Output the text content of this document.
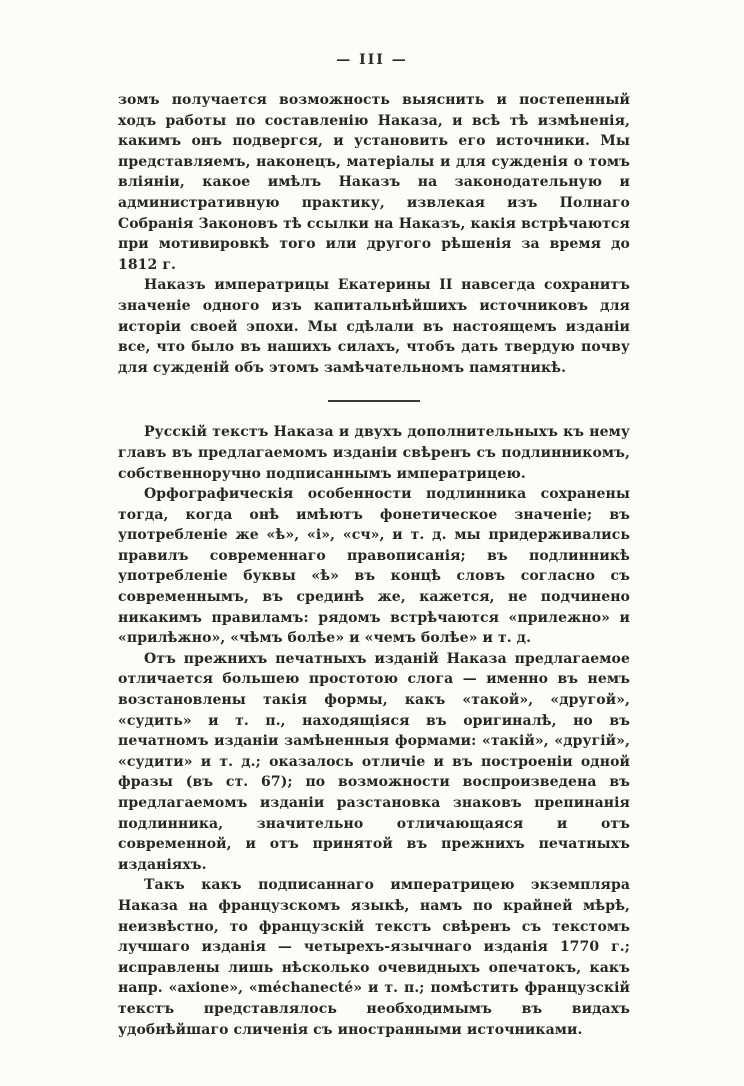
— III —

зомъ получается возможность выяснить и постепенный ходъ работы по составленію Наказа, и всѣ тѣ измѣненія, какимъ онъ подвергся, и установить его источники. Мы представляемъ, наконецъ, матеріалы и для сужденія о томъ вліяніи, какое имѣлъ Наказъ на законодательную и административную практику, извлекая изъ Полнаго Собранія Законовъ тѣ ссылки на Наказъ, какія встрѣчаются при мотивировкѣ того или другого рѣшенія за время до 1812 г.

Наказъ императрицы Екатерины II навсегда сохранитъ значеніе одного изъ капитальнѣйшихъ источниковъ для исторіи своей эпохи. Мы сдѣлали въ настоящемъ изданіи все, что было въ нашихъ силахъ, чтобъ дать твердую почву для сужденій объ этомъ замѣчательномъ памятникѣ.

Русскій текстъ Наказа и двухъ дополнительныхъ къ нему главъ въ предлагаемомъ изданіи свѣренъ съ подлинникомъ, собственноручно подписаннымъ императрицею.

Орфографическія особенности подлинника сохранены тогда, когда онѣ имѣютъ фонетическое значеніе; въ употребленіе же «ѣ», «і», «сч», и т. д. мы придерживались правилъ современнаго правописанія; въ подлинникѣ употребленіе буквы «ѣ» въ концѣ словъ согласно съ современнымъ, въ срединѣ же, кажется, не подчинено никакимъ правиламъ: рядомъ встрѣчаются «прилежно» и «прилѣжно», «чѣмъ болѣе» и «чемъ болѣе» и т. д.

Отъ прежнихъ печатныхъ изданій Наказа предлагаемое отличается большею простотою слога — именно въ немъ возстановлены такія формы, какъ «такой», «другой», «судить» и т. п., находящіяся въ оригиналѣ, но въ печатномъ изданіи замѣненныя формами: «такій», «другій», «судити» и т. д.; оказалось отличіе и въ построеніи одной фразы (въ ст. 67); по возможности воспроизведена въ предлагаемомъ изданіи разстановка знаковъ препинанія подлинника, значительно отличающаяся и отъ современной, и отъ принятой въ прежнихъ печатныхъ изданіяхъ.

Такъ какъ подписаннаго императрицею экземпляра Наказа на французскомъ языкѣ, намъ по крайней мѣрѣ, неизвѣстно, то французскій текстъ свѣренъ съ текстомъ лучшаго изданія — четырехъ-язычнаго изданія 1770 г.; исправлены лишь нѣсколько очевидныхъ опечатокъ, какъ напр. «axione», «méchanecté» и т. п.; помѣстить французскій текстъ представлялось необходимымъ въ видахъ удобнѣйшаго сличенія съ иностранными источниками.
